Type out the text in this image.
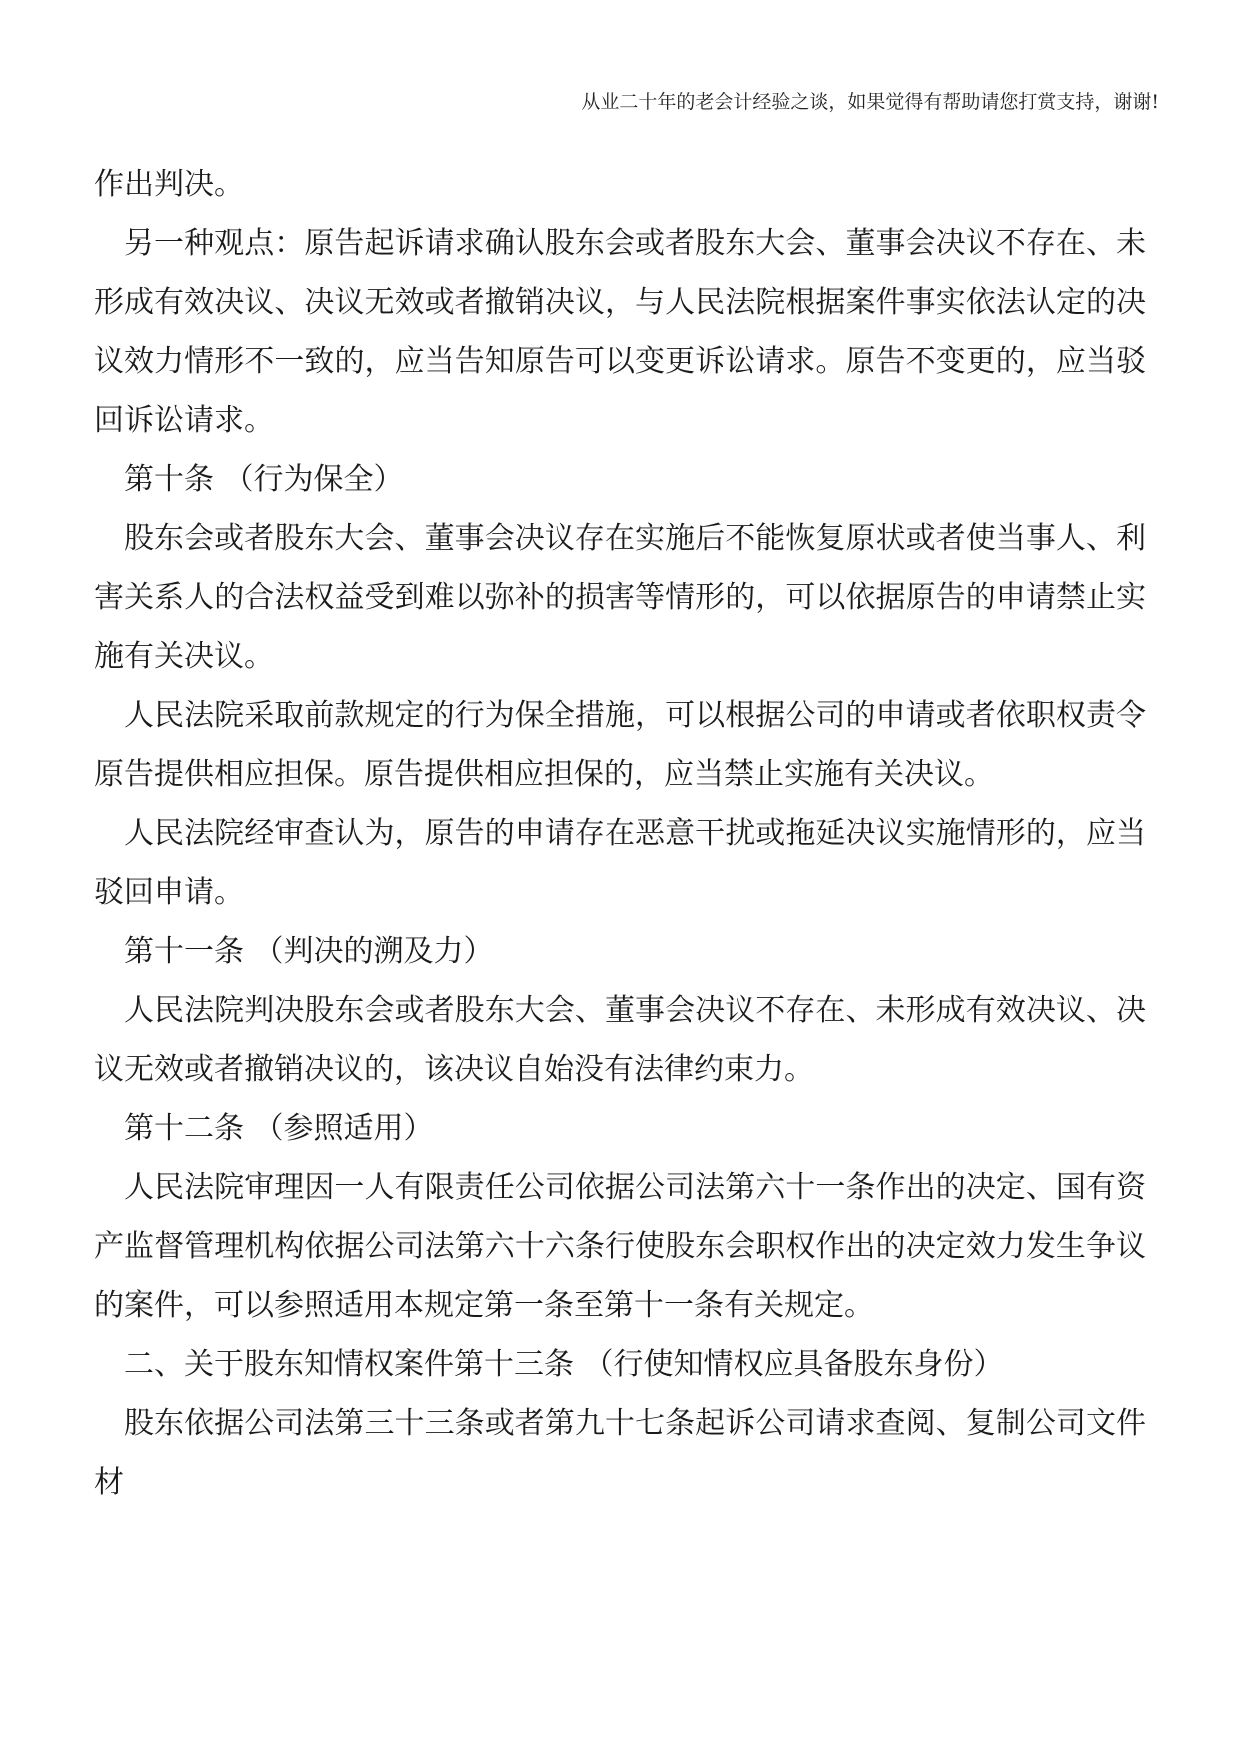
从业二十年的老会计经验之谈，如果觉得有帮助请您打赏支持，谢谢!

作出判决。

另一种观点：原告起诉请求确认股东会或者股东大会、董事会决议不存在、未形成有效决议、决议无效或者撤销决议，与人民法院根据案件事实依法认定的决议效力情形不一致的，应当告知原告可以变更诉讼请求。原告不变更的，应当驳回诉讼请求。

第十条 （行为保全）

股东会或者股东大会、董事会决议存在实施后不能恢复原状或者使当事人、利害关系人的合法权益受到难以弥补的损害等情形的，可以依据原告的申请禁止实施有关决议。

人民法院采取前款规定的行为保全措施，可以根据公司的申请或者依职权责令原告提供相应担保。原告提供相应担保的，应当禁止实施有关决议。

人民法院经审查认为，原告的申请存在恶意干扰或拖延决议实施情形的，应当驳回申请。

第十一条 （判决的溯及力）

人民法院判决股东会或者股东大会、董事会决议不存在、未形成有效决议、决议无效或者撤销决议的，该决议自始没有法律约束力。

第十二条 （参照适用）

人民法院审理因一人有限责任公司依据公司法第六十一条作出的决定、国有资产监督管理机构依据公司法第六十六条行使股东会职权作出的决定效力发生争议的案件，可以参照适用本规定第一条至第十一条有关规定。

二、关于股东知情权案件第十三条 （行使知情权应具备股东身份）

股东依据公司法第三十三条或者第九十七条起诉公司请求查阅、复制公司文件材
